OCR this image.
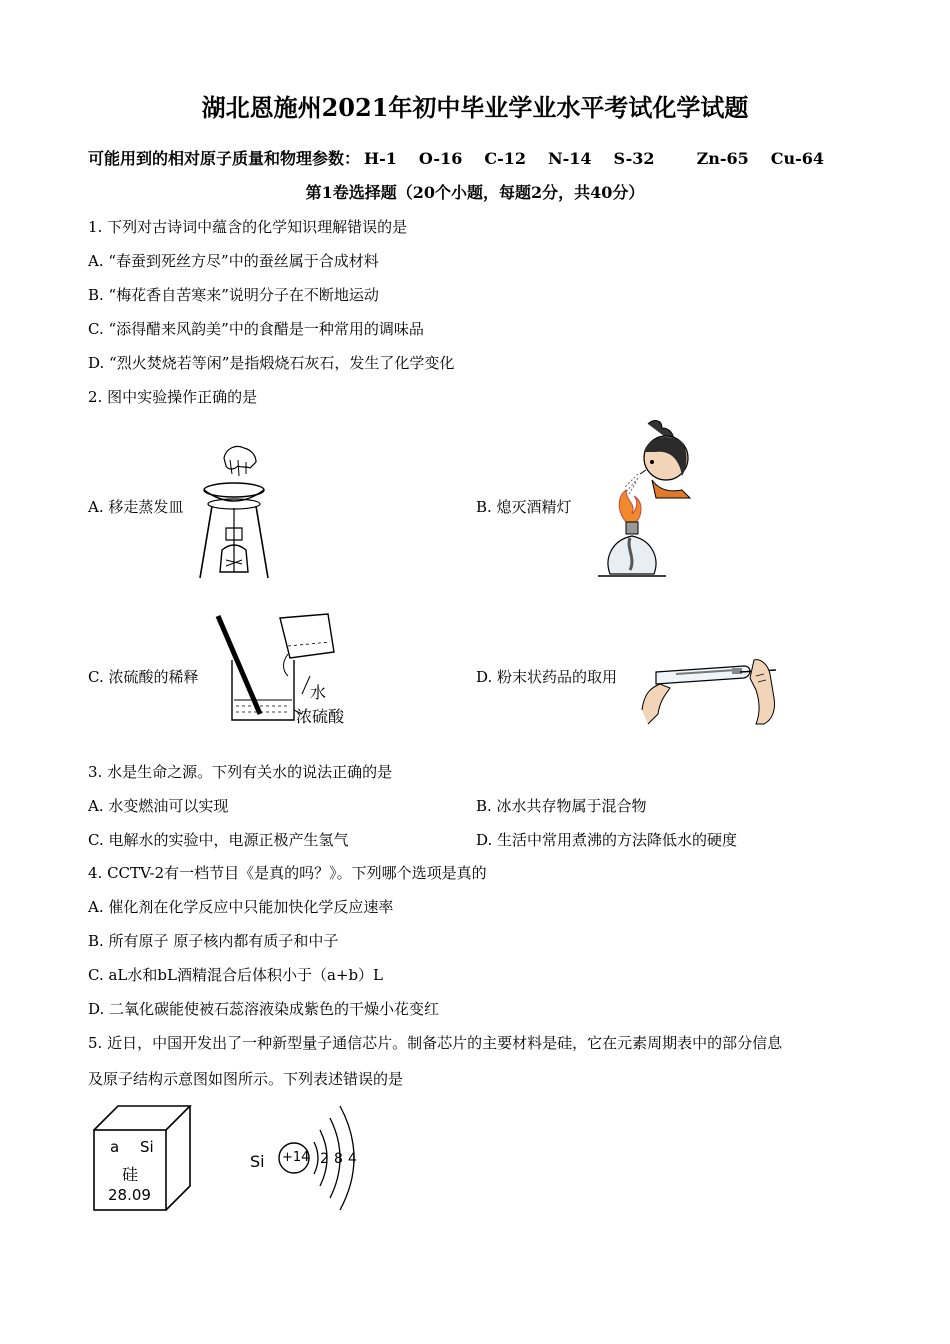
湖北恩施州2021年初中毕业学业水平考试化学试题
可能用到的相对原子质量和物理参数： H-1 O-16 C-12 N-14 S-32	Zn-65 Cu-64
第1卷选择题（20个小题，每题2分，共40分）
1. 下列对古诗词中蕴含的化学知识理解错误的是
A. “春蚕到死丝方尽”中的蚕丝属于合成材料
B. “梅花香自苦寒来”说明分子在不断地运动
C. “添得醋来风韵美”中的食醋是一种常用的调味品
D. “烈火焚烧若等闲”是指煅烧石灰石，发生了化学变化
2. 图中实验操作正确的是
A. 移走蒸发皿	B. 熄灭酒精灯
C. 浓硫酸的稀释
水
浓硫酸
D. 粉末状药品的取用
3. 水是生命之源。下列有关水的说法正确的是
A. 水变燃油可以实现	B. 冰水共存物属于混合物
C. 电解水的实验中，电源正极产生氢气	D. 生活中常用煮沸的方法降低水的硬度
4. CCTV-2有一档节目《是真的吗？》。下列哪个选项是真的
A. 催化剂在化学反应中只能加快化学反应速率
B. 所有原子 原子核内都有质子和中子
C. aL水和bL酒精混合后体积小于（a+b）L
D. 二氧化碳能使被石蕊溶液染成紫色的干燥小花变红
5. 近日，中国开发出了一种新型量子通信芯片。制备芯片的主要材料是硅，它在元素周期表中的部分信息
及原子结构示意图如图所示。下列表述错误的是
a Si
硅
28.09
Si +14 2 8 4
